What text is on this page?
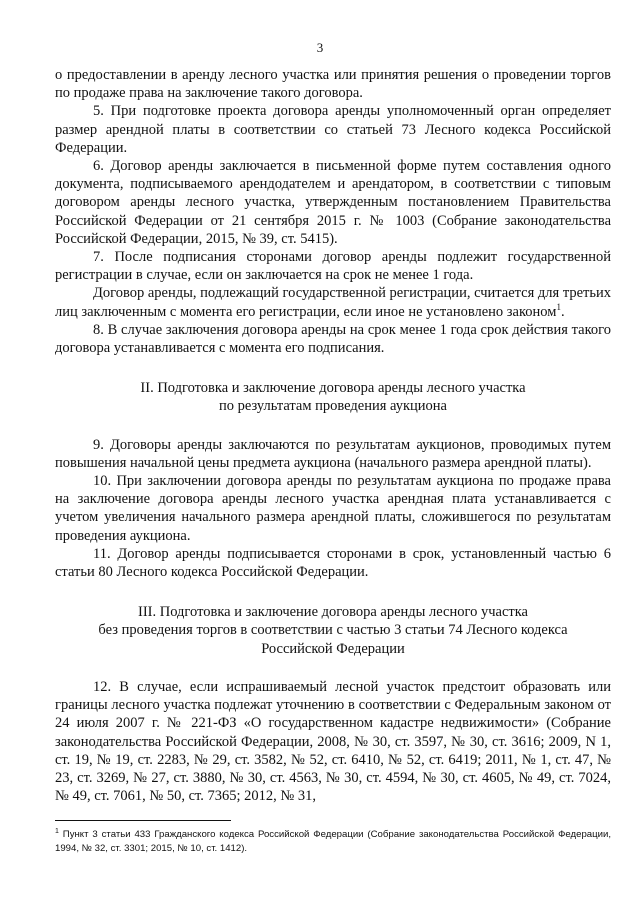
3

о предоставлении в аренду лесного участка или принятия решения о проведении торгов по продаже права на заключение такого договора.

5. При подготовке проекта договора аренды уполномоченный орган определяет размер арендной платы в соответствии со статьей 73 Лесного кодекса Российской Федерации.

6. Договор аренды заключается в письменной форме путем составления одного документа, подписываемого арендодателем и арендатором, в соответствии с типовым договором аренды лесного участка, утвержденным постановлением Правительства Российской Федерации от 21 сентября 2015 г. № 1003 (Собрание законодательства Российской Федерации, 2015, № 39, ст. 5415).

7. После подписания сторонами договор аренды подлежит государственной регистрации в случае, если он заключается на срок не менее 1 года.

Договор аренды, подлежащий государственной регистрации, считается для третьих лиц заключенным с момента его регистрации, если иное не установлено законом$^1$.

8. В случае заключения договора аренды на срок менее 1 года срок действия такого договора устанавливается с момента его подписания.

II. Подготовка и заключение договора аренды лесного участка
по результатам проведения аукциона

9. Договоры аренды заключаются по результатам аукционов, проводимых путем повышения начальной цены предмета аукциона (начального размера арендной платы).

10. При заключении договора аренды по результатам аукциона по продаже права на заключение договора аренды лесного участка арендная плата устанавливается с учетом увеличения начального размера арендной платы, сложившегося по результатам проведения аукциона.

11. Договор аренды подписывается сторонами в срок, установленный частью 6 статьи 80 Лесного кодекса Российской Федерации.

III. Подготовка и заключение договора аренды лесного участка
без проведения торгов в соответствии с частью 3 статьи 74 Лесного кодекса
Российской Федерации

12. В случае, если испрашиваемый лесной участок предстоит образовать или границы лесного участка подлежат уточнению в соответствии с Федеральным законом от 24 июля 2007 г. № 221-ФЗ «О государственном кадастре недвижимости» (Собрание законодательства Российской Федерации, 2008, № 30, ст. 3597, № 30, ст. 3616; 2009, N 1, ст. 19, № 19, ст. 2283, № 29, ст. 3582, № 52, ст. 6410, № 52, ст. 6419; 2011, № 1, ст. 47, № 23, ст. 3269, № 27, ст. 3880, № 30, ст. 4563, № 30, ст. 4594, № 30, ст. 4605, № 49, ст. 7024, № 49, ст. 7061, № 50, ст. 7365; 2012, № 31,

$^1$ Пункт 3 статьи 433 Гражданского кодекса Российской Федерации (Собрание законодательства Российской Федерации, 1994, № 32, ст. 3301; 2015, № 10, ст. 1412).
